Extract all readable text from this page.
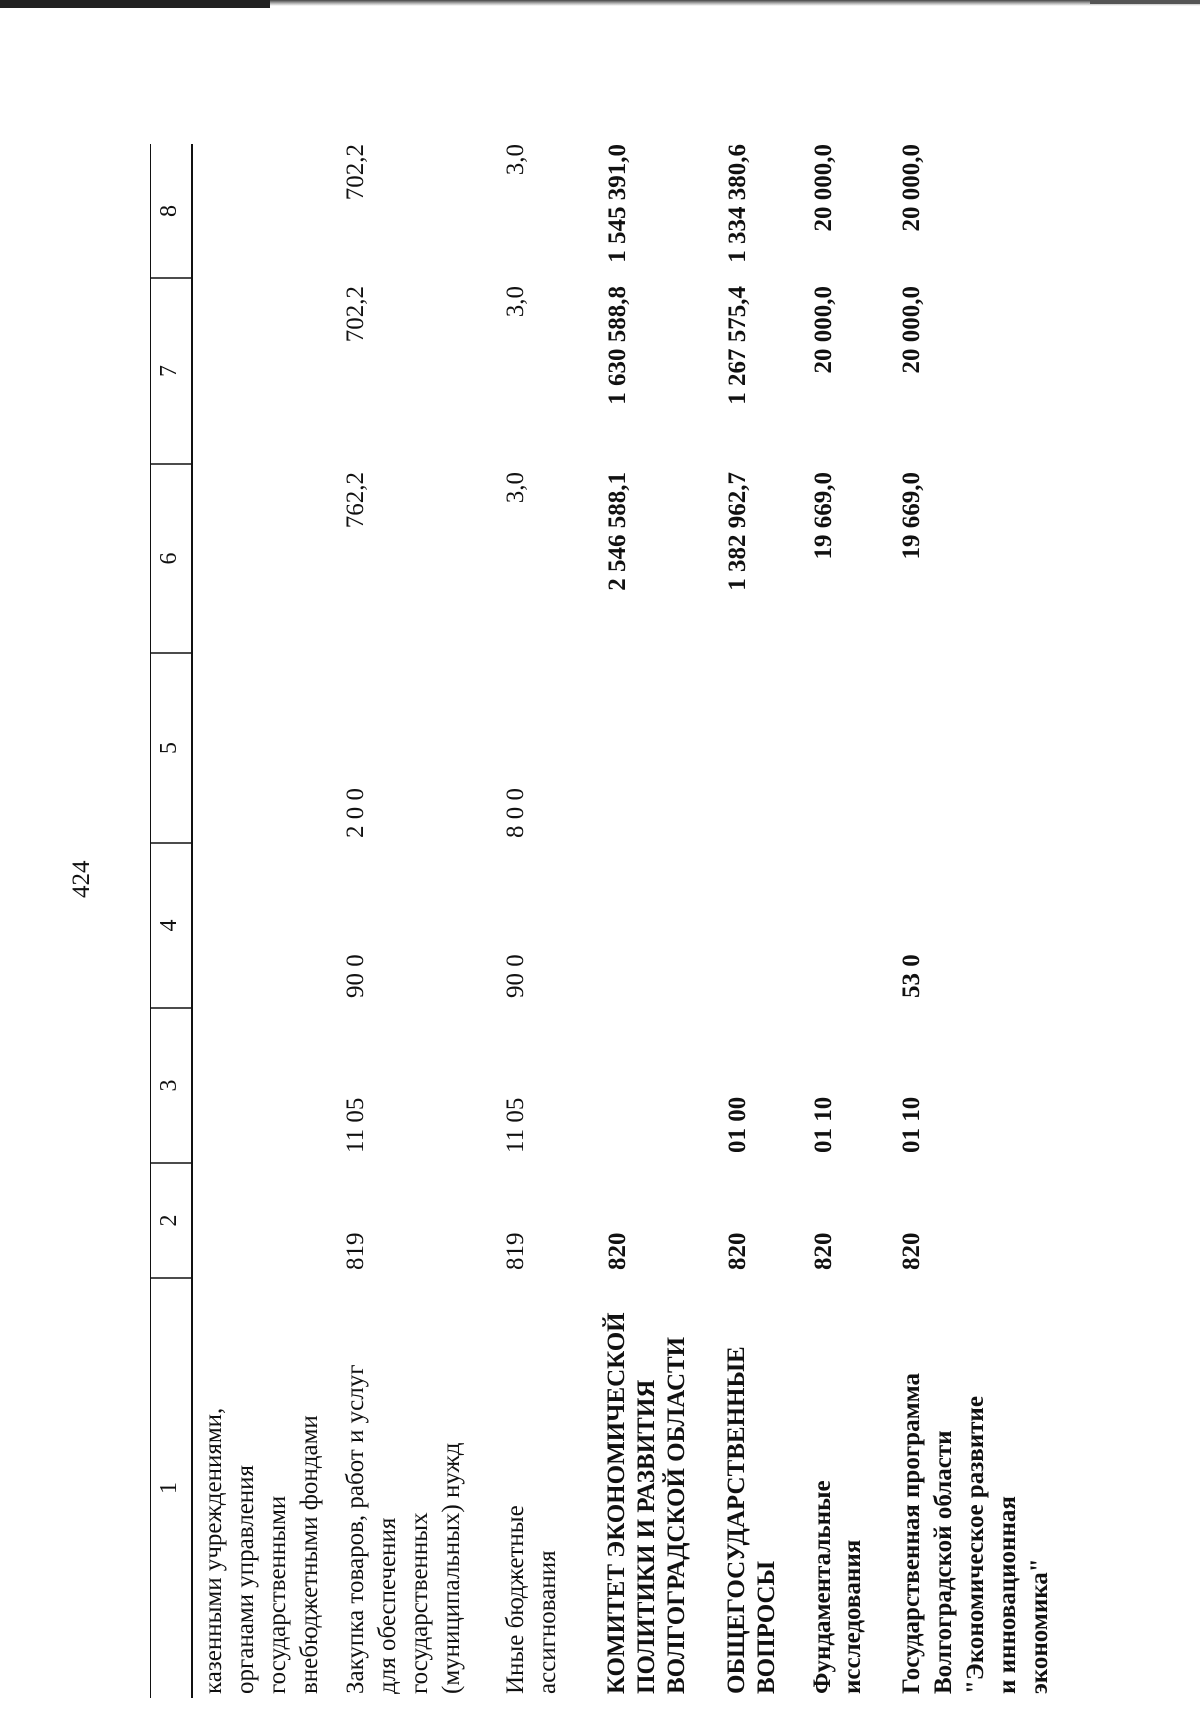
424
1
2
3
4
5
6
7
8
казенными учреждениями, органами управления государственными внебюджетными фондами Закупка товаров, работ и услуг для обеспечения государственных (муниципальных) нужд
819
11 05
90 0
2 0 0
762,2
702,2
702,2
Иные бюджетные ассигнования
819
11 05
90 0
8 0 0
3,0
3,0
3,0
КОМИТЕТ ЭКОНОМИЧЕСКОЙ ПОЛИТИКИ И РАЗВИТИЯ ВОЛГОГРАДСКОЙ ОБЛАСТИ
820
2 546 588,1
1 630 588,8
1 545 391,0
ОБЩЕГОСУДАРСТВЕННЫЕ ВОПРОСЫ
820
01 00
1 382 962,7
1 267 575,4
1 334 380,6
Фундаментальные исследования
820
01 10
19 669,0
20 000,0
20 000,0
Государственная программа Волгоградской области "Экономическое развитие и инновационная экономика"
820
01 10
53 0
19 669,0
20 000,0
20 000,0
